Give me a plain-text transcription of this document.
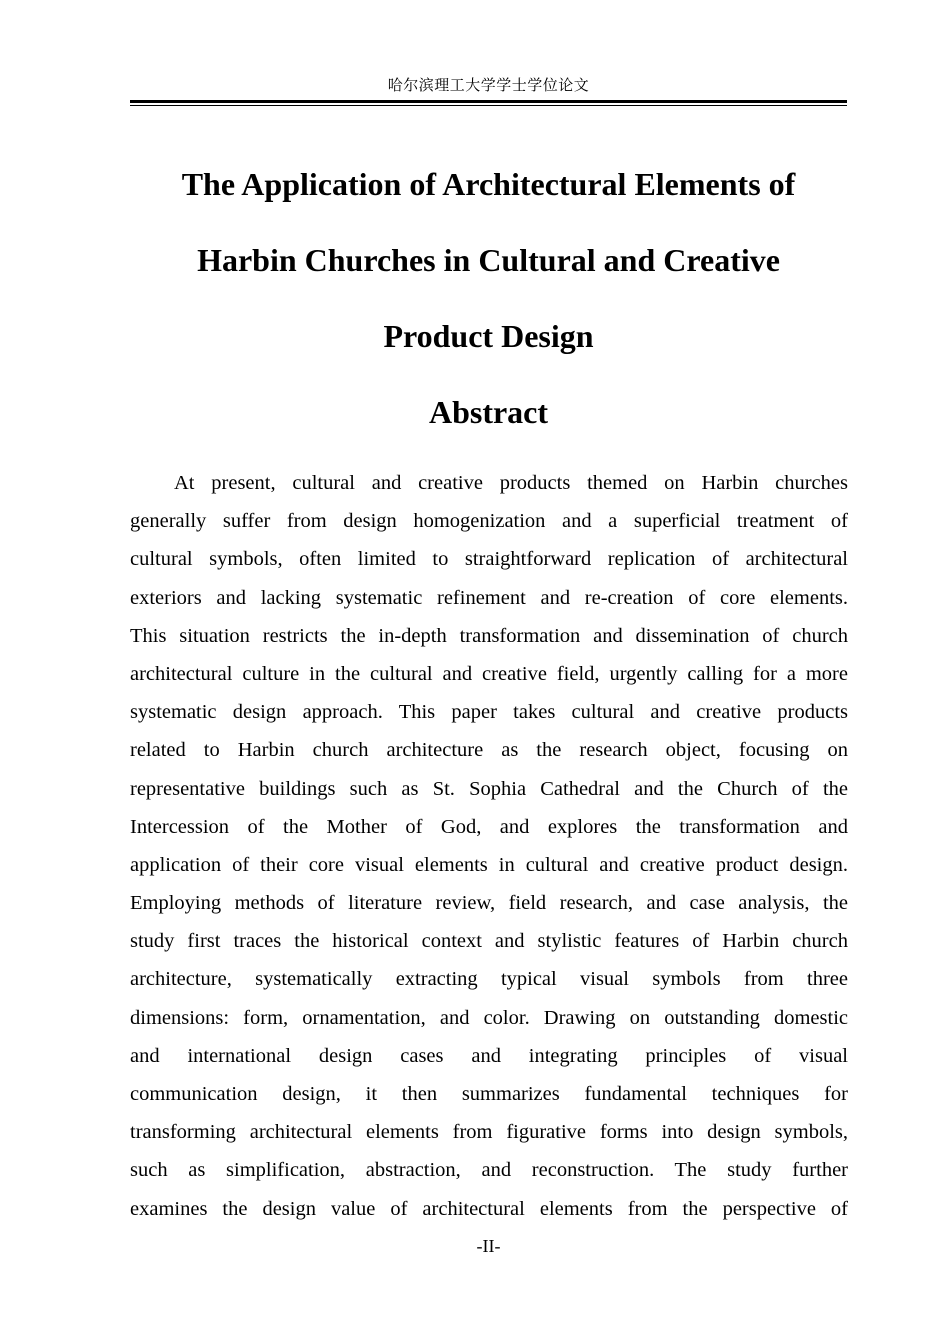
哈尔滨理工大学学士学位论文
The Application of Architectural Elements of
Harbin Churches in Cultural and Creative
Product Design
Abstract
At present, cultural and creative products themed on Harbin churches
generally suffer from design homogenization and a superficial treatment of
cultural symbols, often limited to straightforward replication of architectural
exteriors and lacking systematic refinement and re-creation of core elements.
This situation restricts the in-depth transformation and dissemination of church
architectural culture in the cultural and creative field, urgently calling for a more
systematic design approach. This paper takes cultural and creative products
related to Harbin church architecture as the research object, focusing on
representative buildings such as St. Sophia Cathedral and the Church of the
Intercession of the Mother of God, and explores the transformation and
application of their core visual elements in cultural and creative product design.
Employing methods of literature review, field research, and case analysis, the
study first traces the historical context and stylistic features of Harbin church
architecture, systematically extracting typical visual symbols from three
dimensions: form, ornamentation, and color. Drawing on outstanding domestic
and international design cases and integrating principles of visual
communication design, it then summarizes fundamental techniques for
transforming architectural elements from figurative forms into design symbols,
such as simplification, abstraction, and reconstruction. The study further
examines the design value of architectural elements from the perspective of
-II-
